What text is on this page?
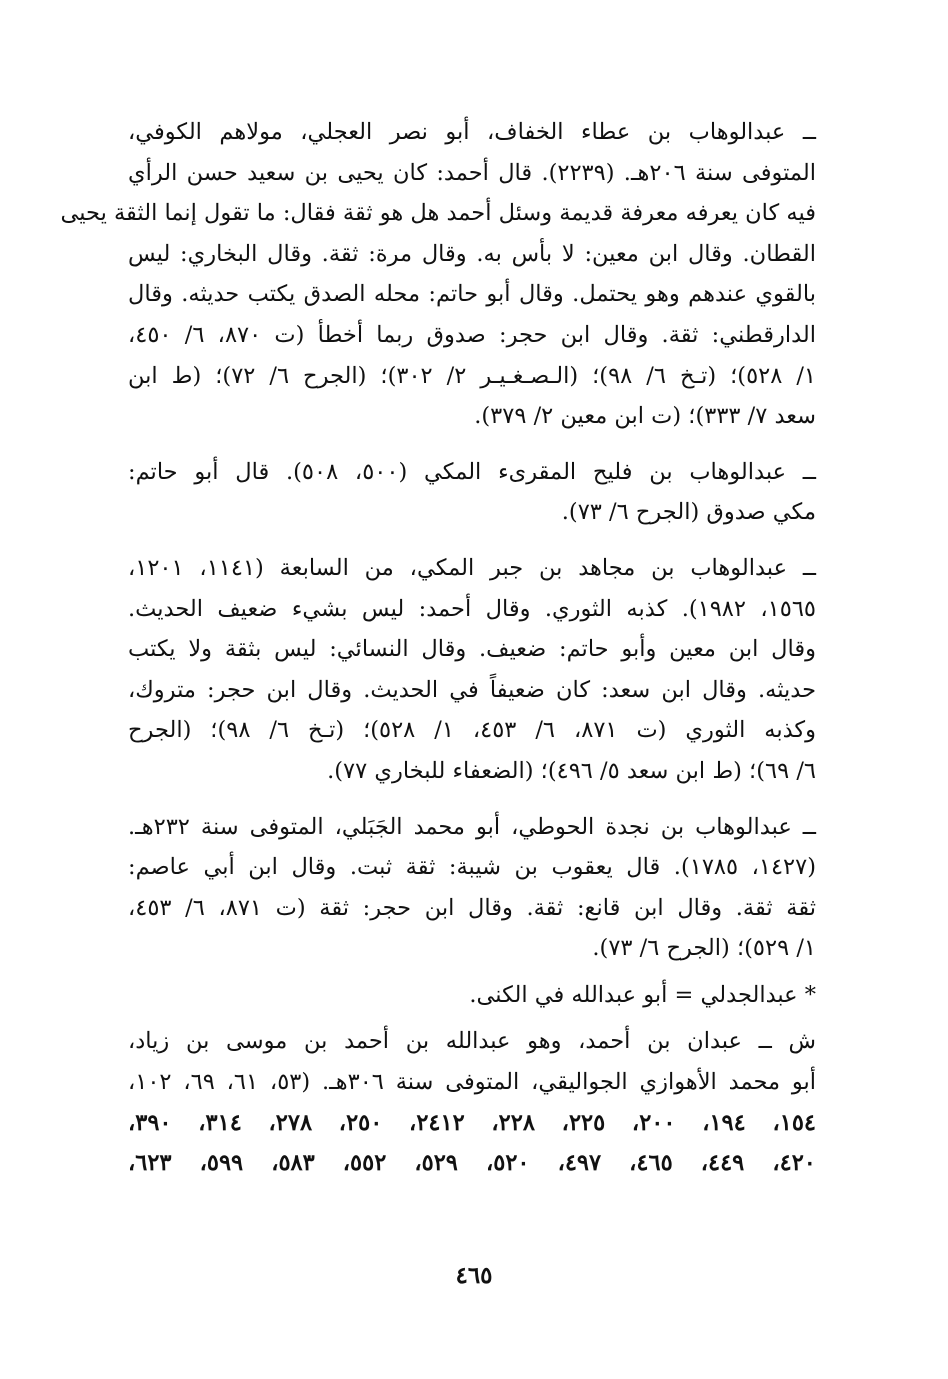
ــ عبدالوهاب بن عطاء الخفاف، أبو نصر العجلي، مولاهم الكوفي،

المتوفى سنة ٢٠٦هـ. (٢٢٣٩). قال أحمد: كان يحيى بن سعيد حسن الرأي

فيه كان يعرفه معرفة قديمة وسئل أحمد هل هو ثقة فقال: ما تقول إنما الثقة يحيى

القطان. وقال ابن معين: لا بأس به. وقال مرة: ثقة. وقال البخاري: ليس

بالقوي عندهم وهو يحتمل. وقال أبو حاتم: محله الصدق يكتب حديثه. وقال

الدارقطني: ثقة. وقال ابن حجر: صدوق ربما أخطأ (ت ٨٧٠، ٦/ ٤٥٠،

١/ ٥٢٨)؛ (تـخ ٦/ ٩٨)؛ (الـصـغـيـر ٢/ ٣٠٢)؛ (الجرح ٦/ ٧٢)؛ (ط ابن

سعد ٧/ ٣٣٣)؛ (ت ابن معين ٢/ ٣٧٩).

ــ عبدالوهاب بن فليح المقرىء المكي (٥٠٠، ٥٠٨). قال أبو حاتم:

مكي صدوق (الجرح ٦/ ٧٣).

ــ عبدالوهاب بن مجاهد بن جبر المكي، من السابعة (١١٤١، ١٢٠١،

١٥٦٥، ١٩٨٢). كذبه الثوري. وقال أحمد: ليس بشيء ضعيف الحديث.

وقال ابن معين وأبو حاتم: ضعيف. وقال النسائي: ليس بثقة ولا يكتب

حديثه. وقال ابن سعد: كان ضعيفاً في الحديث. وقال ابن حجر: متروك،

وكذبه الثوري (ت ٨٧١، ٦/ ٤٥٣، ١/ ٥٢٨)؛ (تـخ ٦/ ٩٨)؛ (الجرح

٦/ ٦٩)؛ (ط ابن سعد ٥/ ٤٩٦)؛ (الضعفاء للبخاري ٧٧).

ــ عبدالوهاب بن نجدة الحوطي، أبو محمد الجَبَلي، المتوفى سنة ٢٣٢هـ.

(١٤٢٧، ١٧٨٥). قال يعقوب بن شيبة: ثقة ثبت. وقال ابن أبي عاصم:

ثقة ثقة. وقال ابن قانع: ثقة. وقال ابن حجر: ثقة (ت ٨٧١، ٦/ ٤٥٣،

١/ ٥٢٩)؛ (الجرح ٦/ ٧٣).

* عبدالجدلي = أبو عبدالله في الكنى.

ش ــ عبدان بن أحمد، وهو عبدالله بن أحمد بن موسى بن زياد،

أبو محمد الأهوازي الجواليقي، المتوفى سنة ٣٠٦هـ. (٥٣، ٦١، ٦٩، ١٠٢،

١٥٤، ١٩٤، ٢٠٠، ٢٢٥، ٢٢٨، ٢٤١٢، ٢٥٠، ٢٧٨، ٣١٤، ٣٩٠،

٤٢٠، ٤٤٩، ٤٦٥، ٤٩٧، ٥٢٠، ٥٢٩، ٥٥٢، ٥٨٣، ٥٩٩، ٦٢٣،

٤٦٥
